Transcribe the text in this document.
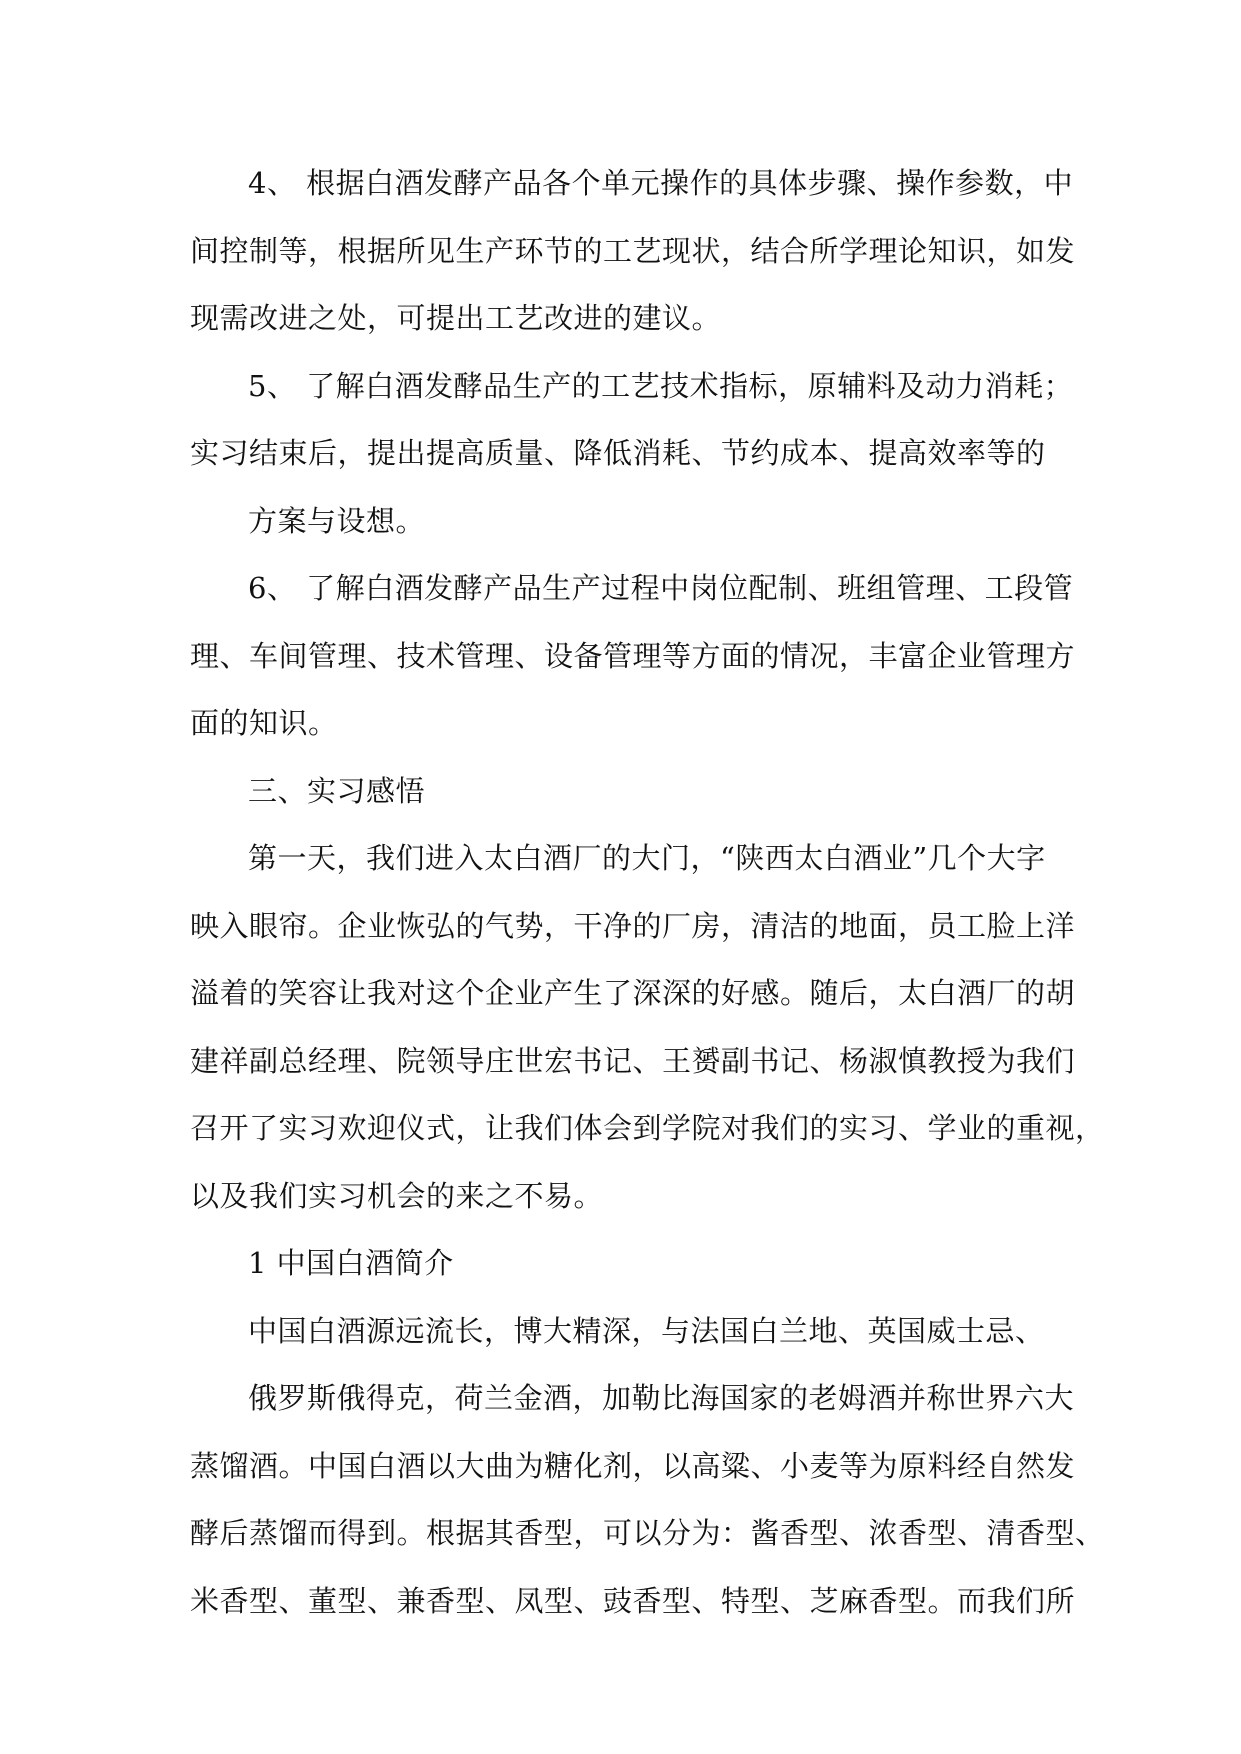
4、 根据白酒发酵产品各个单元操作的具体步骤、操作参数，中
间控制等，根据所见生产环节的工艺现状，结合所学理论知识，如发
现需改进之处，可提出工艺改进的建议。
5、 了解白酒发酵品生产的工艺技术指标，原辅料及动力消耗；
实习结束后，提出提高质量、降低消耗、节约成本、提高效率等的
方案与设想。
6、 了解白酒发酵产品生产过程中岗位配制、班组管理、工段管
理、车间管理、技术管理、设备管理等方面的情况，丰富企业管理方
面的知识。
三、实习感悟
第一天，我们进入太白酒厂的大门，“陕西太白酒业”几个大字
映入眼帘。企业恢弘的气势，干净的厂房，清洁的地面，员工脸上洋
溢着的笑容让我对这个企业产生了深深的好感。随后，太白酒厂的胡
建祥副总经理、院领导庄世宏书记、王赟副书记、杨淑慎教授为我们
召开了实习欢迎仪式，让我们体会到学院对我们的实习、学业的重视，
以及我们实习机会的来之不易。
1 中国白酒简介
中国白酒源远流长，博大精深，与法国白兰地、英国威士忌、
俄罗斯俄得克，荷兰金酒，加勒比海国家的老姆酒并称世界六大
蒸馏酒。中国白酒以大曲为糖化剂，以高粱、小麦等为原料经自然发
酵后蒸馏而得到。根据其香型，可以分为：酱香型、浓香型、清香型、
米香型、董型、兼香型、凤型、豉香型、特型、芝麻香型。而我们所
